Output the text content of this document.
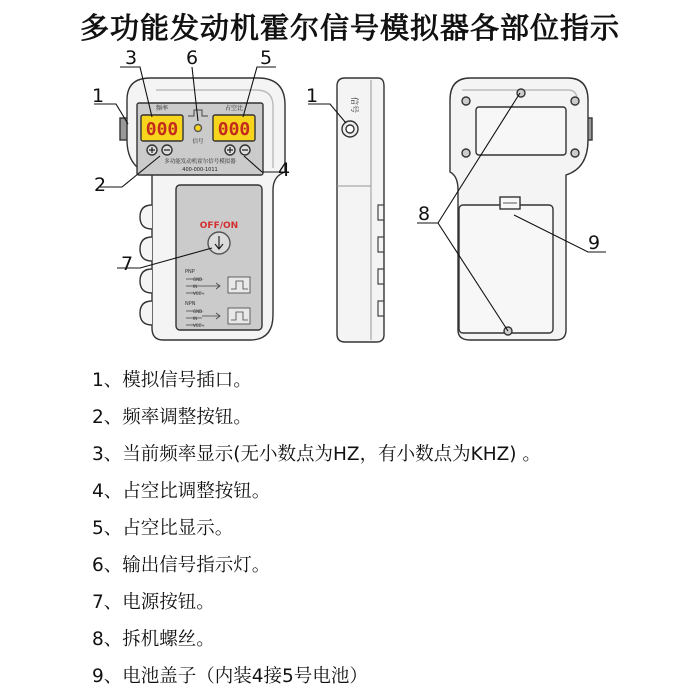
多功能发动机霍尔信号模拟器各部位指示
频率	占空比
000 000
信号
多功能发动机霍尔信号模拟器
400-000-1011
OFF/ON
PNP
GND-
IN
VCC+
NPN
GND-
IN
VCC+
信号
1
2
3
4
5
6
7
1
8
9
1、模拟信号插口。
2、频率调整按钮。
3、当前频率显示(无小数点为HZ，有小数点为KHZ) 。
4、占空比调整按钮。
5、占空比显示。
6、输出信号指示灯。
7、电源按钮。
8、拆机螺丝。
9、电池盖子（内装4接5号电池）
